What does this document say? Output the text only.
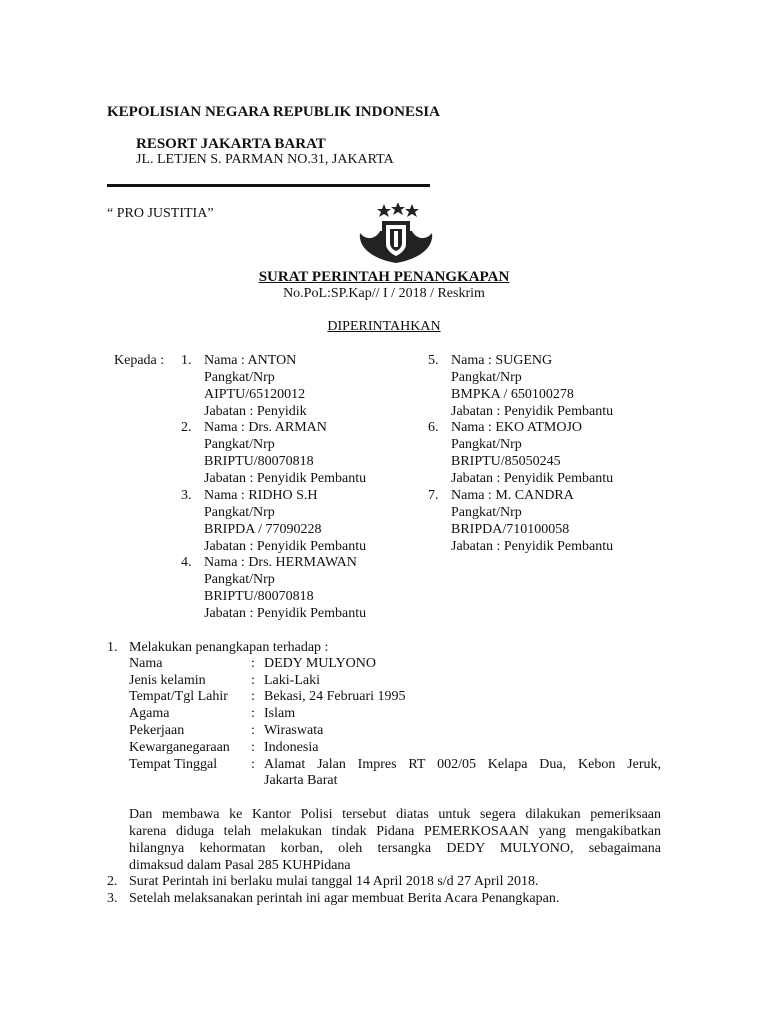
KEPOLISIAN NEGARA REPUBLIK INDONESIA
RESORT JAKARTA BARAT
JL. LETJEN S. PARMAN NO.31, JAKARTA
“ PRO JUSTITIA”
SURAT PERINTAH PENANGKAPAN
No.PoL:SP.Kap// I / 2018 / Reskrim
DIPERINTAHKAN
Kepada : 1. Nama : ANTON
Pangkat/Nrp
AIPTU/65120012
Jabatan : Penyidik
2. Nama : Drs. ARMAN
Pangkat/Nrp
BRIPTU/80070818
Jabatan : Penyidik Pembantu
3. Nama : RIDHO S.H
Pangkat/Nrp
BRIPDA / 77090228
Jabatan : Penyidik Pembantu
4. Nama : Drs. HERMAWAN
Pangkat/Nrp
BRIPTU/80070818
Jabatan : Penyidik Pembantu
5. Nama : SUGENG
Pangkat/Nrp
BMPKA / 650100278
Jabatan : Penyidik Pembantu
6. Nama : EKO ATMOJO
Pangkat/Nrp
BRIPTU/85050245
Jabatan : Penyidik Pembantu
7. Nama : M. CANDRA
Pangkat/Nrp
BRIPDA/710100058
Jabatan : Penyidik Pembantu
1. Melakukan penangkapan terhadap :
Nama	: DEDY MULYONO
Jenis kelamin	: Laki-Laki
Tempat/Tgl Lahir : Bekasi, 24 Februari 1995
Agama	: Islam
Pekerjaan	: Wiraswata
Kewarganegaraan : Indonesia
Tempat Tinggal : Alamat Jalan Impres RT 002/05 Kelapa Dua, Kebon Jeruk,
Jakarta Barat
Dan membawa ke Kantor Polisi tersebut diatas untuk segera dilakukan pemeriksaan
karena diduga telah melakukan tindak Pidana PEMERKOSAAN yang mengakibatkan
hilangnya kehormatan korban, oleh tersangka DEDY MULYONO, sebagaimana
dimaksud dalam Pasal 285 KUHPidana
2. Surat Perintah ini berlaku mulai tanggal 14 April 2018 s/d 27 April 2018.
3. Setelah melaksanakan perintah ini agar membuat Berita Acara Penangkapan.
